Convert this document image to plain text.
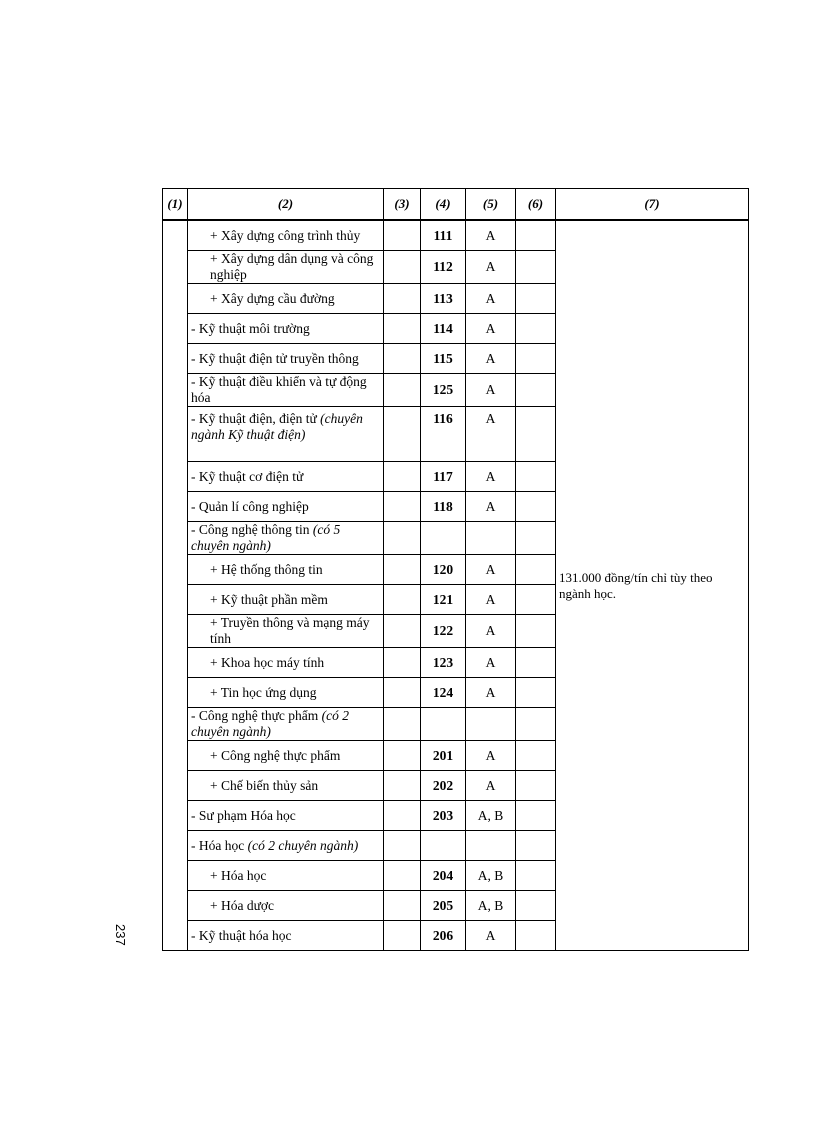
237
(1)	(2)	(3)	(4)	(5)	(6)	(7)
	+ Xây dựng công trình thủy		111	A		131.000 đồng/tín chỉ tùy theo ngành học.
	+ Xây dựng dân dụng và công nghiệp		112	A		
	+ Xây dựng cầu đường		113	A		
	- Kỹ thuật môi trường		114	A		
	- Kỹ thuật điện tử truyền thông		115	A		
	- Kỹ thuật điều khiển và tự động hóa		125	A		
	- Kỹ thuật điện, điện tử (chuyên ngành Kỹ thuật điện)		116	A		
	- Kỹ thuật cơ điện tử		117	A		
	- Quản lí công nghiệp		118	A		
	- Công nghệ thông tin (có 5 chuyên ngành)					
	+ Hệ thống thông tin		120	A		
	+ Kỹ thuật phần mềm		121	A		
	+ Truyền thông và mạng máy tính		122	A		
	+ Khoa học máy tính		123	A		
	+ Tin học ứng dụng		124	A		
	- Công nghệ thực phẩm (có 2 chuyên ngành)					
	+ Công nghệ thực phẩm		201	A		
	+ Chế biến thủy sản		202	A		
	- Sư phạm Hóa học		203	A, B		
	- Hóa học (có 2 chuyên ngành)					
	+ Hóa học		204	A, B		
	+ Hóa dược		205	A, B		
	- Kỹ thuật hóa học		206	A		
